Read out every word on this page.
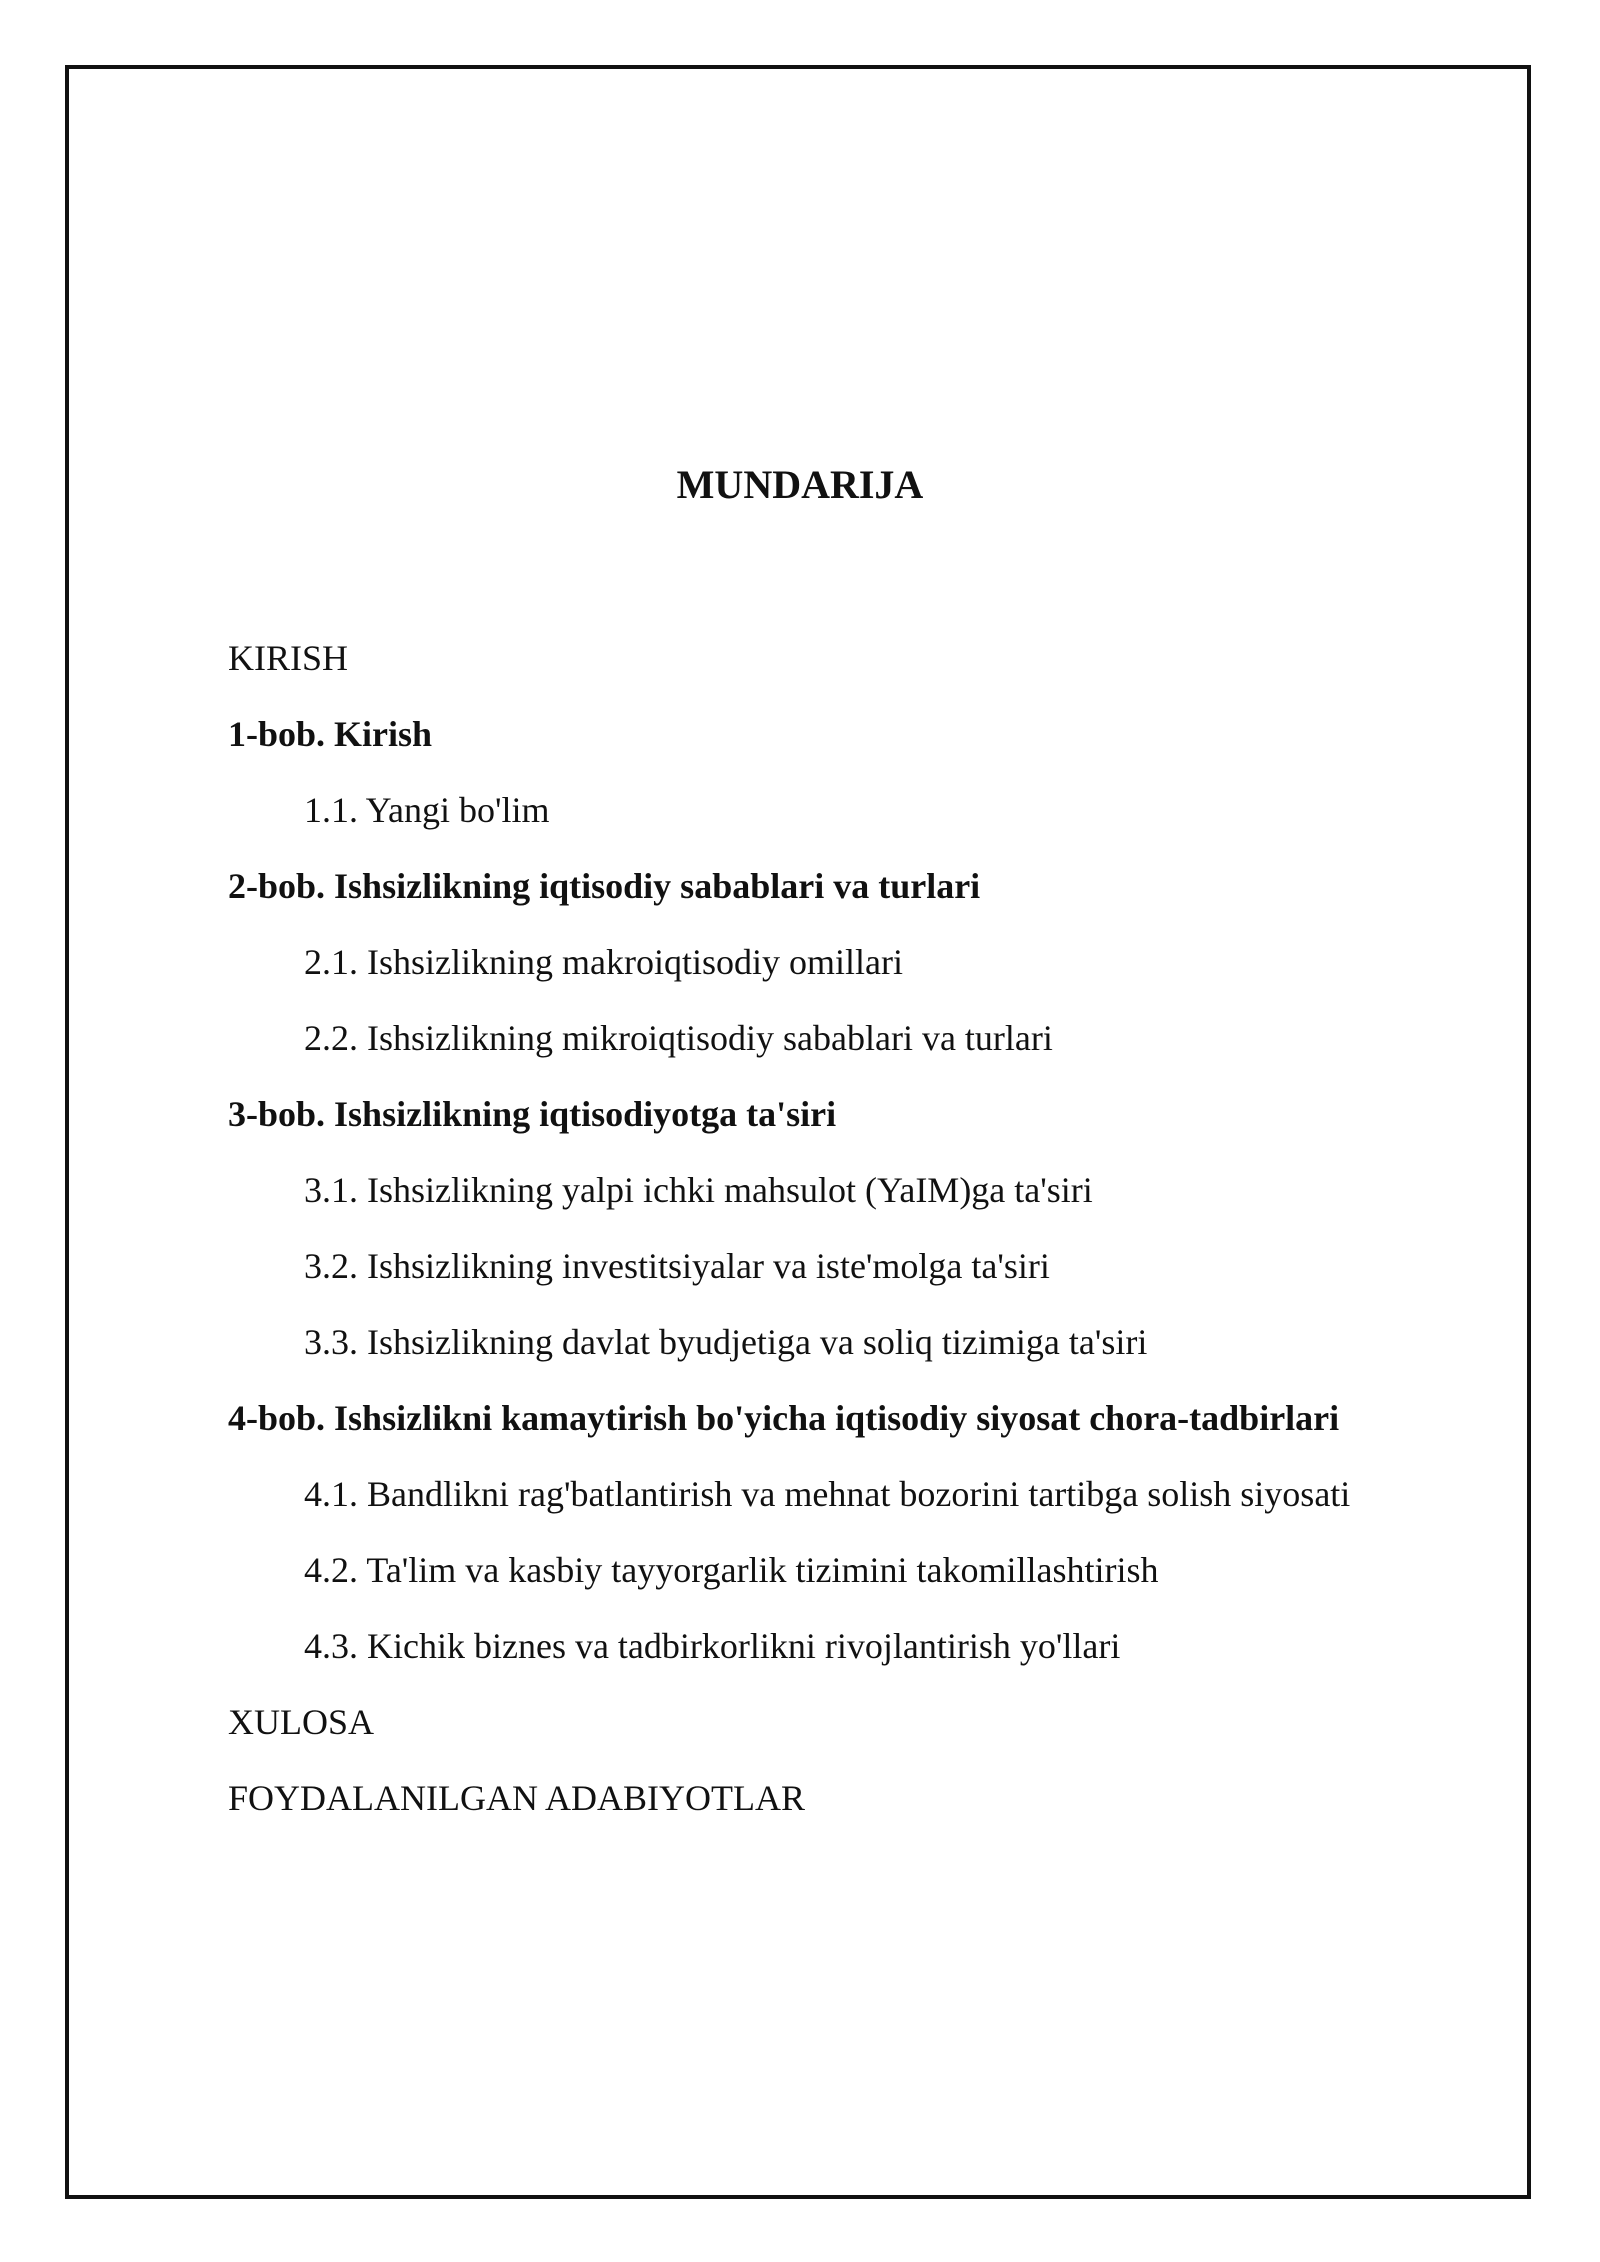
MUNDARIJA
KIRISH
1-bob. Kirish
1.1. Yangi bo'lim
2-bob. Ishsizlikning iqtisodiy sabablari va turlari
2.1. Ishsizlikning makroiqtisodiy omillari
2.2. Ishsizlikning mikroiqtisodiy sabablari va turlari
3-bob. Ishsizlikning iqtisodiyotga ta'siri
3.1. Ishsizlikning yalpi ichki mahsulot (YaIM)ga ta'siri
3.2. Ishsizlikning investitsiyalar va iste'molga ta'siri
3.3. Ishsizlikning davlat byudjetiga va soliq tizimiga ta'siri
4-bob. Ishsizlikni kamaytirish bo'yicha iqtisodiy siyosat chora-tadbirlari
4.1. Bandlikni rag'batlantirish va mehnat bozorini tartibga solish siyosati
4.2. Ta'lim va kasbiy tayyorgarlik tizimini takomillashtirish
4.3. Kichik biznes va tadbirkorlikni rivojlantirish yo'llari
XULOSA
FOYDALANILGAN ADABIYOTLAR
